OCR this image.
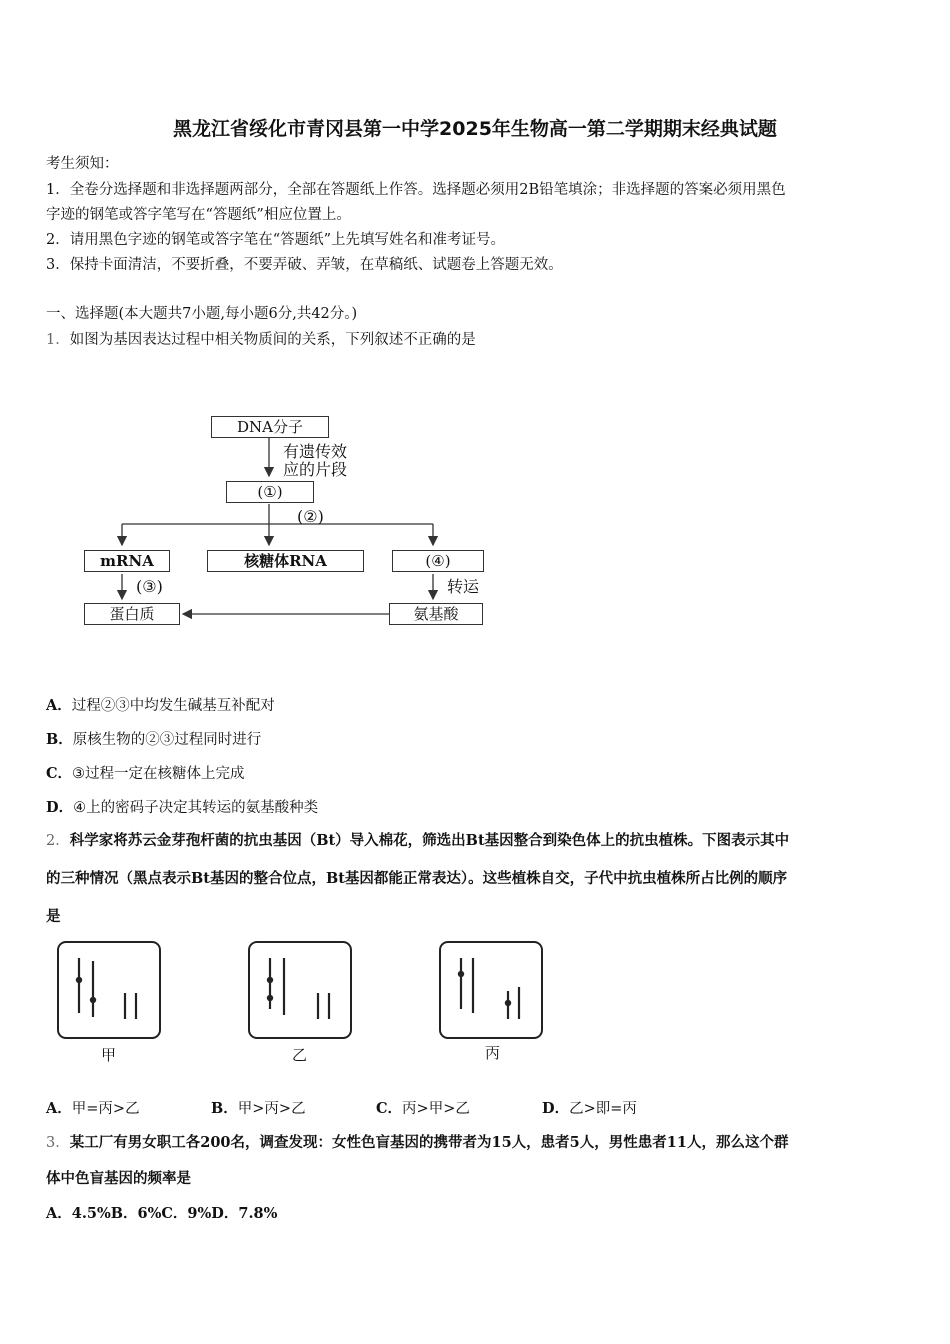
黑龙江省绥化市青冈县第一中学2025年生物高一第二学期期末经典试题
考生须知：
1．全卷分选择题和非选择题两部分，全部在答题纸上作答。选择题必须用2B铅笔填涂；非选择题的答案必须用黑色
字迹的钢笔或答字笔写在“答题纸”相应位置上。
2．请用黑色字迹的钢笔或答字笔在“答题纸”上先填写姓名和准考证号。
3．保持卡面清洁，不要折叠，不要弄破、弄皱，在草稿纸、试题卷上答题无效。
一、选择题(本大题共7小题,每小题6分,共42分。)
1．如图为基因表达过程中相关物质间的关系，下列叙述不正确的是
DNA分子
有遗传效
应的片段
(①)
(②)
mRNA	核糖体RNA	(④)
(③)	转运
蛋白质	氨基酸
A．过程②③中均发生碱基互补配对
B．原核生物的②③过程同时进行
C．③过程一定在核糖体上完成
D．④上的密码子决定其转运的氨基酸种类
2．科学家将苏云金芽孢杆菌的抗虫基因（Bt）导入棉花，筛选出Bt基因整合到染色体上的抗虫植株。下图表示其中
的三种情况（黑点表示Bt基因的整合位点，Bt基因都能正常表达）。这些植株自交，子代中抗虫植株所占比例的顺序
是
甲	乙	丙
A．甲=丙>乙	B．甲>丙>乙	C．丙>甲>乙	D．乙>即=丙
3．某工厂有男女职工各200名，调查发现：女性色盲基因的携带者为15人，患者5人，男性患者11人，那么这个群
体中色盲基因的频率是
A．4.5%B．6%C．9%D．7.8%
